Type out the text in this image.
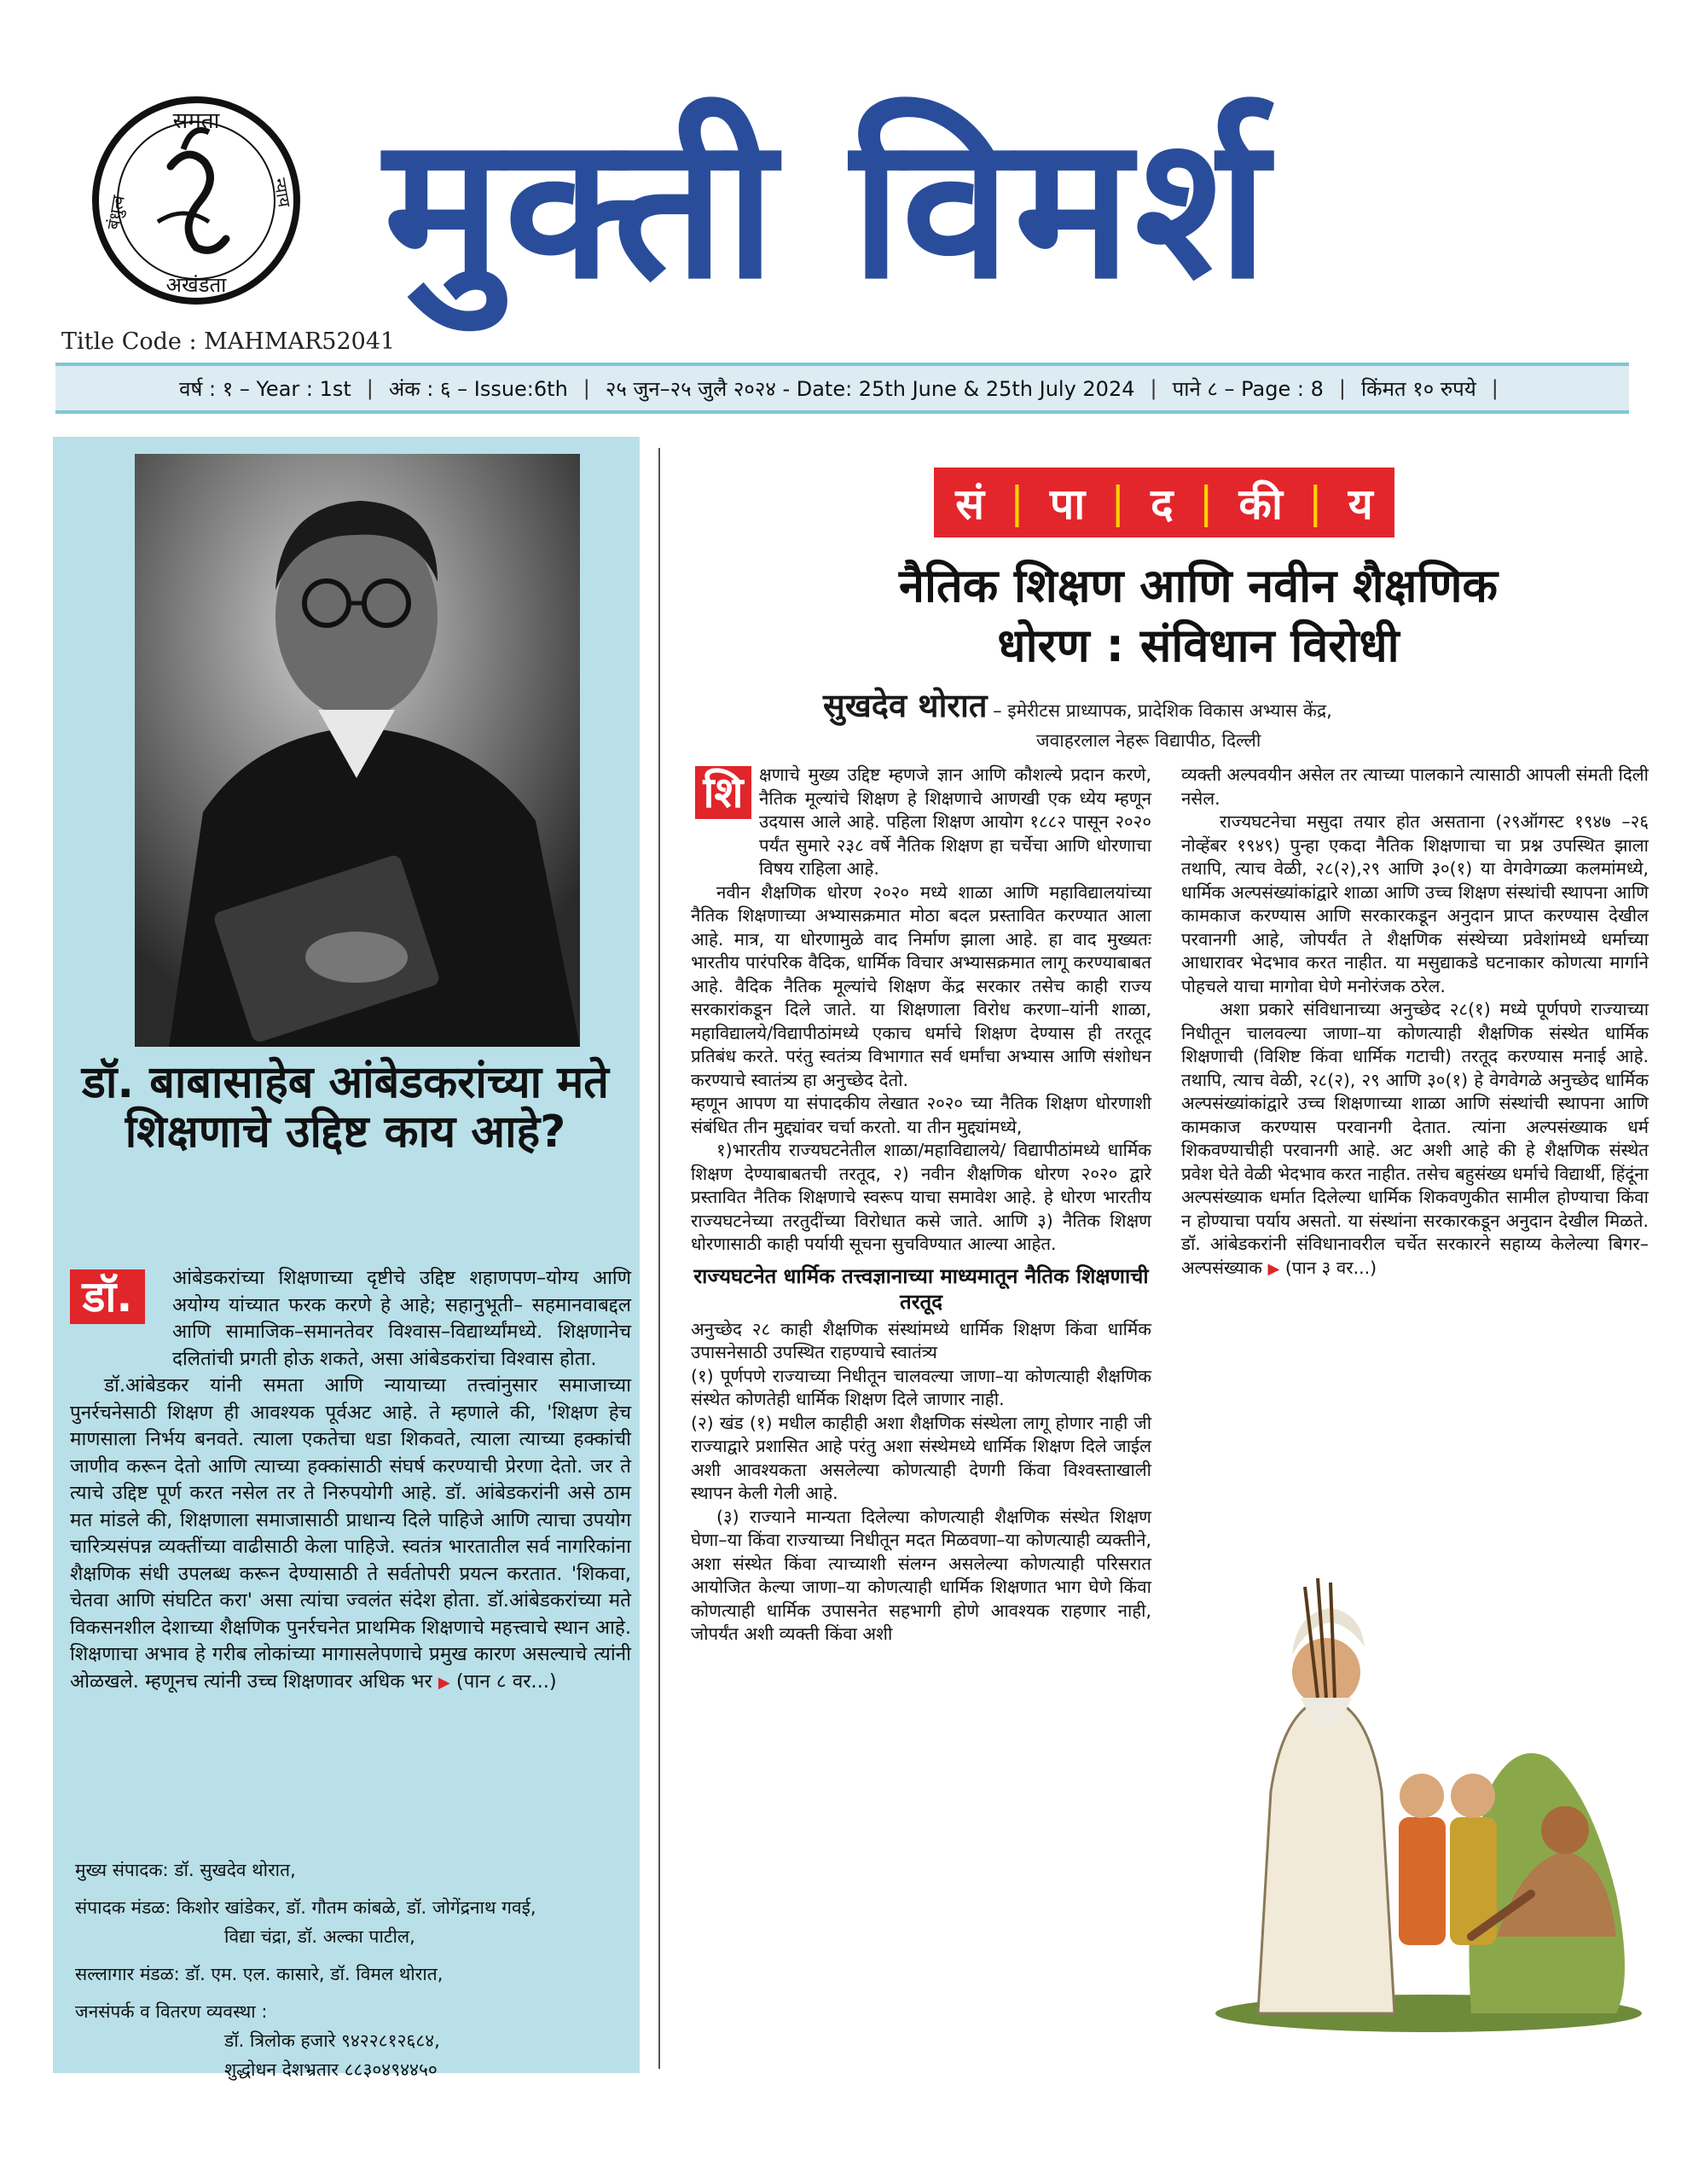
समता
अखंडता
बंधुत्व
न्याय मुक्ती विमर्श
Title Code : MAHMAR52041
वर्ष : १ – Year : 1st | अंक : ६ – Issue:6th | २५ जुन–२५ जुलै २०२४ - Date: 25th June & 25th July 2024 | पाने ८ – Page : 8 | किंमत १० रुपये |
डॉ. बाबासाहेब आंबेडकरांच्या मते शिक्षणाचे उद्दिष्ट काय आहे?
डॉ.	आंबेडकरांच्या शिक्षणाच्या दृष्टीचे उद्दिष्ट शहाणपण–योग्य आणि अयोग्य यांच्यात फरक करणे हे आहे; सहानुभूती– सहमानवाबद्दल आणि सामाजिक–समानतेवर विश्वास–विद्यार्थ्यांमध्ये. शिक्षणानेच दलितांची प्रगती होऊ शकते, असा आंबेडकरांचा विश्वास होता.
डॉ.आंबेडकर यांनी समता आणि न्यायाच्या तत्त्वांनुसार समाजाच्या पुनर्रचनेसाठी शिक्षण ही आवश्यक पूर्वअट आहे. ते म्हणाले की, 'शिक्षण हेच माणसाला निर्भय बनवते. त्याला एकतेचा धडा शिकवते, त्याला त्याच्या हक्कांची जाणीव करून देतो आणि त्याच्या हक्कांसाठी संघर्ष करण्याची प्रेरणा देतो. जर ते त्याचे उद्दिष्ट पूर्ण करत नसेल तर ते निरुपयोगी आहे. डॉ. आंबेडकरांनी असे ठाम मत मांडले की, शिक्षणाला समाजासाठी प्राधान्य दिले पाहिजे आणि त्याचा उपयोग चारित्र्यसंपन्न व्यक्तींच्या वाढीसाठी केला पाहिजे. स्वतंत्र भारतातील सर्व नागरिकांना शैक्षणिक संधी उपलब्ध करून देण्यासाठी ते सर्वतोपरी प्रयत्न करतात. 'शिकवा, चेतवा आणि संघटित करा' असा त्यांचा ज्वलंत संदेश होता. डॉ.आंबेडकरांच्या मते विकसनशील देशाच्या शैक्षणिक पुनर्रचनेत प्राथमिक शिक्षणाचे महत्त्वाचे स्थान आहे. शिक्षणाचा अभाव हे गरीब लोकांच्या मागासलेपणाचे प्रमुख कारण असल्याचे त्यांनी ओळखले. म्हणूनच त्यांनी उच्च शिक्षणावर अधिक भर ▶ (पान ८ वर...)
मुख्य संपादक: डॉ. सुखदेव थोरात,
संपादक मंडळ: किशोर खांडेकर, डॉ. गौतम कांबळे, डॉ. जोगेंद्रनाथ गवई,
विद्या चंद्रा, डॉ. अल्का पाटील,
सल्लागार मंडळ: डॉ. एम. एल. कासारे, डॉ. विमल थोरात,
जनसंपर्क व वितरण व्यवस्था :
डॉ. त्रिलोक हजारे ९४२२८१२६८४,
शुद्धोधन देशभ्रतार ८८३०४९४४५०
सं | पा | द | की | य
नैतिक शिक्षण आणि नवीन शैक्षणिक
धोरण : संविधान विरोधी
सुखदेव थोरात – इमेरीटस प्राध्यापक, प्रादेशिक विकास अभ्यास केंद्र,
जवाहरलाल नेहरू विद्यापीठ, दिल्ली
शि क्षणाचे मुख्य उद्दिष्ट म्हणजे ज्ञान आणि कौशल्ये प्रदान करणे, नैतिक मूल्यांचे शिक्षण हे शिक्षणाचे आणखी एक ध्येय म्हणून उदयास आले आहे. पहिला शिक्षण आयोग १८८२ पासून २०२० पर्यंत सुमारे २३८ वर्षे नैतिक शिक्षण हा चर्चेचा आणि धोरणाचा विषय राहिला आहे.
नवीन शैक्षणिक धोरण २०२० मध्ये शाळा आणि महाविद्यालयांच्या नैतिक शिक्षणाच्या अभ्यासक्रमात मोठा बदल प्रस्तावित करण्यात आला आहे. मात्र, या धोरणामुळे वाद निर्माण झाला आहे. हा वाद मुख्यतः भारतीय पारंपरिक वैदिक, धार्मिक विचार अभ्यासक्रमात लागू करण्याबाबत आहे. वैदिक नैतिक मूल्यांचे शिक्षण केंद्र सरकार तसेच काही राज्य सरकारांकडून दिले जाते. या शिक्षणाला विरोध करणा–यांनी शाळा, महाविद्यालये/विद्यापीठांमध्ये एकाच धर्माचे शिक्षण देण्यास ही तरतूद प्रतिबंध करते. परंतु स्वतंत्र्य विभागात सर्व धर्मांचा अभ्यास आणि संशोधन करण्याचे स्वातंत्र्य हा अनुच्छेद देतो.
म्हणून आपण या संपादकीय लेखात २०२० च्या नैतिक शिक्षण धोरणाशी संबंधित तीन मुद्द्यांवर चर्चा करतो. या तीन मुद्द्यांमध्ये,
१)भारतीय राज्यघटनेतील शाळा/महाविद्यालये/ विद्यापीठांमध्ये धार्मिक शिक्षण देण्याबाबतची तरतूद, २) नवीन शैक्षणिक धोरण २०२० द्वारे प्रस्तावित नैतिक शिक्षणाचे स्वरूप याचा समावेश आहे. हे धोरण भारतीय राज्यघटनेच्या तरतुदींच्या विरोधात कसे जाते. आणि ३) नैतिक शिक्षण धोरणासाठी काही पर्यायी सूचना सुचविण्यात आल्या आहेत.
राज्यघटनेत धार्मिक तत्त्वज्ञानाच्या माध्यमातून नैतिक शिक्षणाची तरतूद
अनुच्छेद २८ काही शैक्षणिक संस्थांमध्ये धार्मिक शिक्षण किंवा धार्मिक उपासनेसाठी उपस्थित राहण्याचे स्वातंत्र्य
(१) पूर्णपणे राज्याच्या निधीतून चालवल्या जाणा–या कोणत्याही शैक्षणिक संस्थेत कोणतेही धार्मिक शिक्षण दिले जाणार नाही.
(२) खंड (१) मधील काहीही अशा शैक्षणिक संस्थेला लागू होणार नाही जी राज्याद्वारे प्रशासित आहे परंतु अशा संस्थेमध्ये धार्मिक शिक्षण दिले जाईल अशी आवश्यकता असलेल्या कोणत्याही देणगी किंवा विश्वस्ताखाली स्थापन केली गेली आहे.
(३) राज्याने मान्यता दिलेल्या कोणत्याही शैक्षणिक संस्थेत शिक्षण घेणा–या किंवा राज्याच्या निधीतून मदत मिळवणा–या कोणत्याही व्यक्तीने, अशा संस्थेत किंवा त्याच्याशी संलग्न असलेल्या कोणत्याही परिसरात आयोजित केल्या जाणा–या कोणत्याही धार्मिक शिक्षणात भाग घेणे किंवा कोणत्याही धार्मिक उपासनेत सहभागी होणे आवश्यक राहणार नाही, जोपर्यंत अशी व्यक्ती किंवा अशी
व्यक्ती अल्पवयीन असेल तर त्याच्या पालकाने त्यासाठी आपली संमती दिली नसेल.
राज्यघटनेचा मसुदा तयार होत असताना (२९ऑगस्ट १९४७ –२६ नोव्हेंबर १९४९) पुन्हा एकदा नैतिक शिक्षणाचा चा प्रश्न उपस्थित झाला तथापि, त्याच वेळी, २८(२),२९ आणि ३०(१) या वेगवेगळ्या कलमांमध्ये, धार्मिक अल्पसंख्यांकांद्वारे शाळा आणि उच्च शिक्षण संस्थांची स्थापना आणि कामकाज करण्यास आणि सरकारकडून अनुदान प्राप्त करण्यास देखील परवानगी आहे, जोपर्यंत ते शैक्षणिक संस्थेच्या प्रवेशांमध्ये धर्माच्या आधारावर भेदभाव करत नाहीत. या मसुद्याकडे घटनाकार कोणत्या मार्गाने पोहचले याचा मागोवा घेणे मनोरंजक ठरेल.
अशा प्रकारे संविधानाच्या अनुच्छेद २८(१) मध्ये पूर्णपणे राज्याच्या निधीतून चालवल्या जाणा–या कोणत्याही शैक्षणिक संस्थेत धार्मिक शिक्षणाची (विशिष्ट किंवा धार्मिक गटाची) तरतूद करण्यास मनाई आहे. तथापि, त्याच वेळी, २८(२), २९ आणि ३०(१) हे वेगवेगळे अनुच्छेद धार्मिक अल्पसंख्यांकांद्वारे उच्च शिक्षणाच्या शाळा आणि संस्थांची स्थापना आणि कामकाज करण्यास परवानगी देतात. त्यांना अल्पसंख्याक धर्म शिकवण्याचीही परवानगी आहे. अट अशी आहे की हे शैक्षणिक संस्थेत प्रवेश घेते वेळी भेदभाव करत नाहीत. तसेच बहुसंख्य धर्माचे विद्यार्थी, हिंदूंना अल्पसंख्याक धर्मात दिलेल्या धार्मिक शिकवणुकीत सामील होण्याचा किंवा न होण्याचा पर्याय असतो. या संस्थांना सरकारकडून अनुदान देखील मिळते. डॉ. आंबेडकरांनी संविधानावरील चर्चेत सरकारने सहाय्य केलेल्या बिगर–अल्पसंख्याक ▶ (पान ३ वर...)
